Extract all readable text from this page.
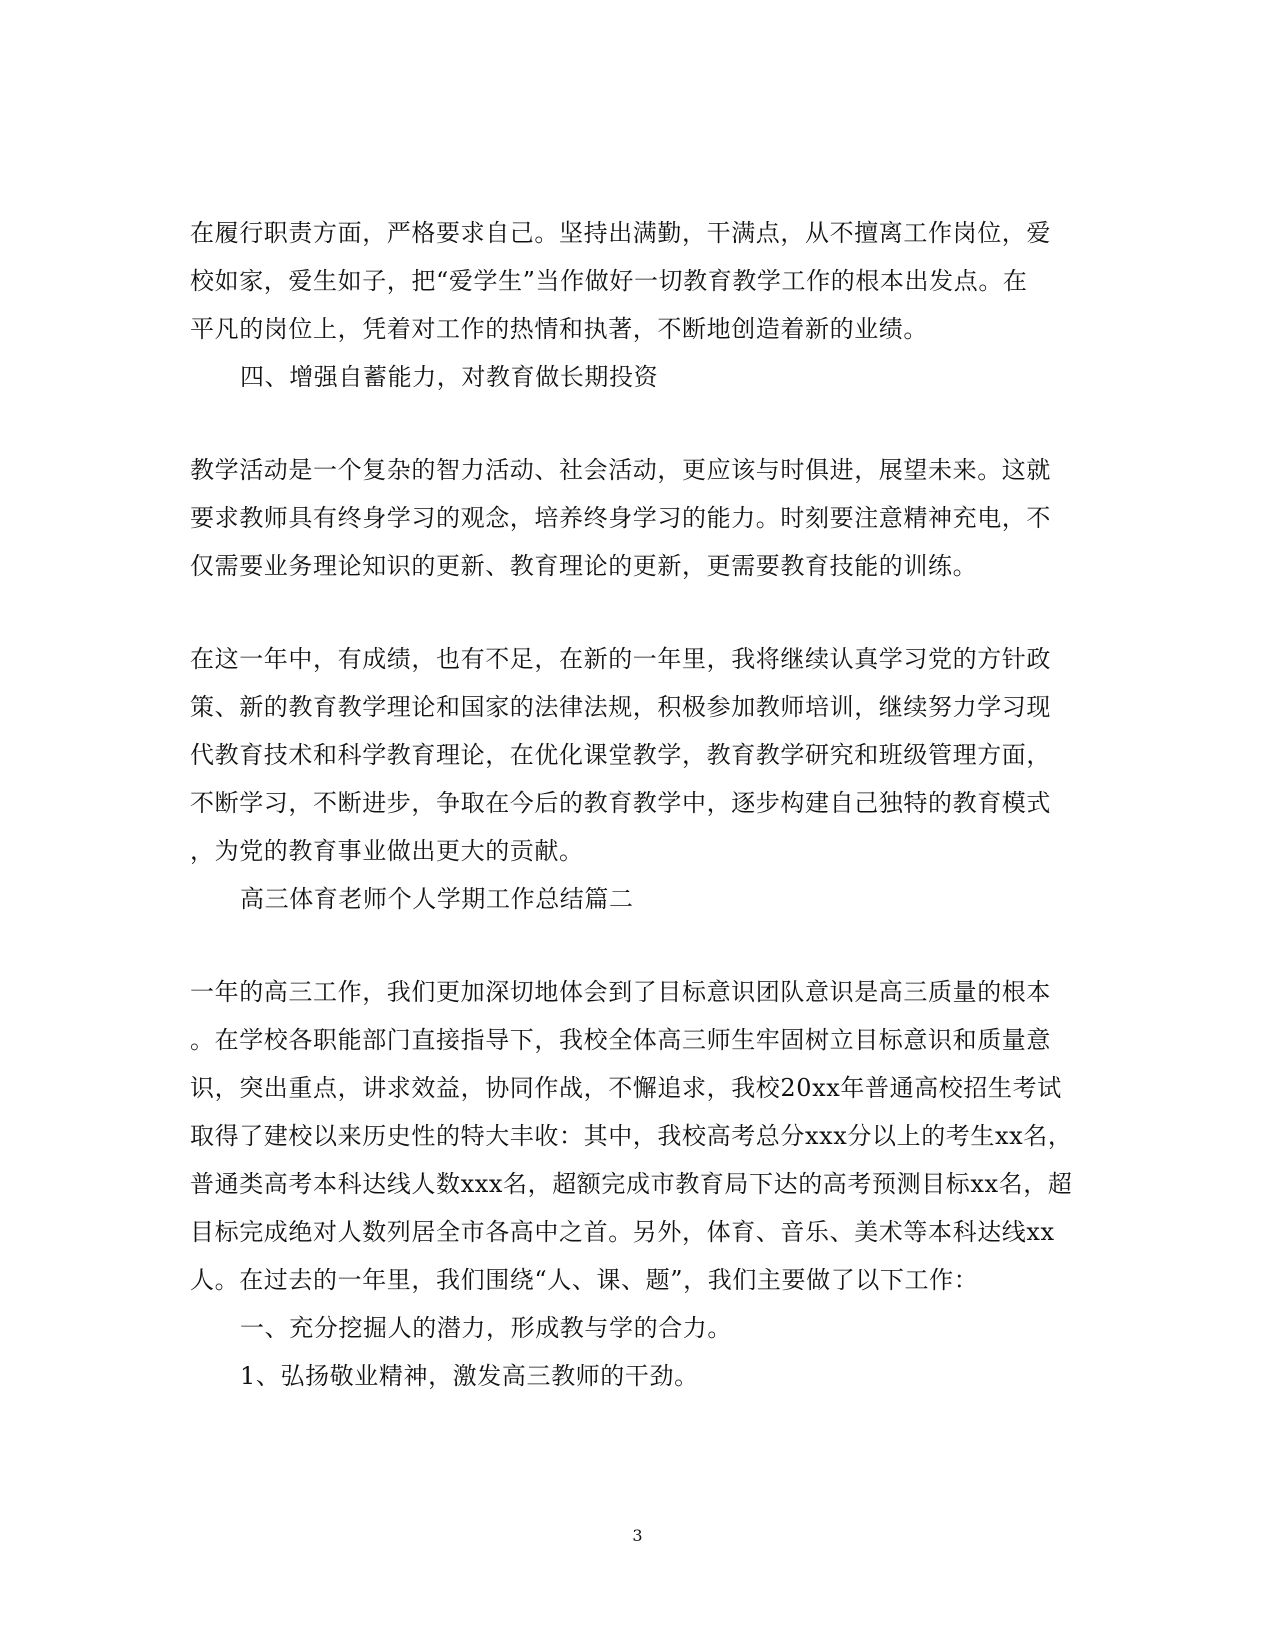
在履行职责方面，严格要求自己。坚持出满勤，干满点，从不擅离工作岗位，爱
校如家，爱生如子，把“爱学生”当作做好一切教育教学工作的根本出发点。在
平凡的岗位上，凭着对工作的热情和执著，不断地创造着新的业绩。
四、增强自蓄能力，对教育做长期投资
教学活动是一个复杂的智力活动、社会活动，更应该与时俱进，展望未来。这就
要求教师具有终身学习的观念，培养终身学习的能力。时刻要注意精神充电，不
仅需要业务理论知识的更新、教育理论的更新，更需要教育技能的训练。
在这一年中，有成绩，也有不足，在新的一年里，我将继续认真学习党的方针政
策、新的教育教学理论和国家的法律法规，积极参加教师培训，继续努力学习现
代教育技术和科学教育理论，在优化课堂教学，教育教学研究和班级管理方面，
不断学习，不断进步，争取在今后的教育教学中，逐步构建自己独特的教育模式
，为党的教育事业做出更大的贡献。
高三体育老师个人学期工作总结篇二
一年的高三工作，我们更加深切地体会到了目标意识团队意识是高三质量的根本
。在学校各职能部门直接指导下，我校全体高三师生牢固树立目标意识和质量意
识，突出重点，讲求效益，协同作战，不懈追求，我校20xx年普通高校招生考试
取得了建校以来历史性的特大丰收：其中，我校高考总分xxx分以上的考生xx名，
普通类高考本科达线人数xxx名，超额完成市教育局下达的高考预测目标xx名，超
目标完成绝对人数列居全市各高中之首。另外，体育、音乐、美术等本科达线xx
人。在过去的一年里，我们围绕“人、课、题”，我们主要做了以下工作：
一、充分挖掘人的潜力，形成教与学的合力。
1、弘扬敬业精神，激发高三教师的干劲。
3
